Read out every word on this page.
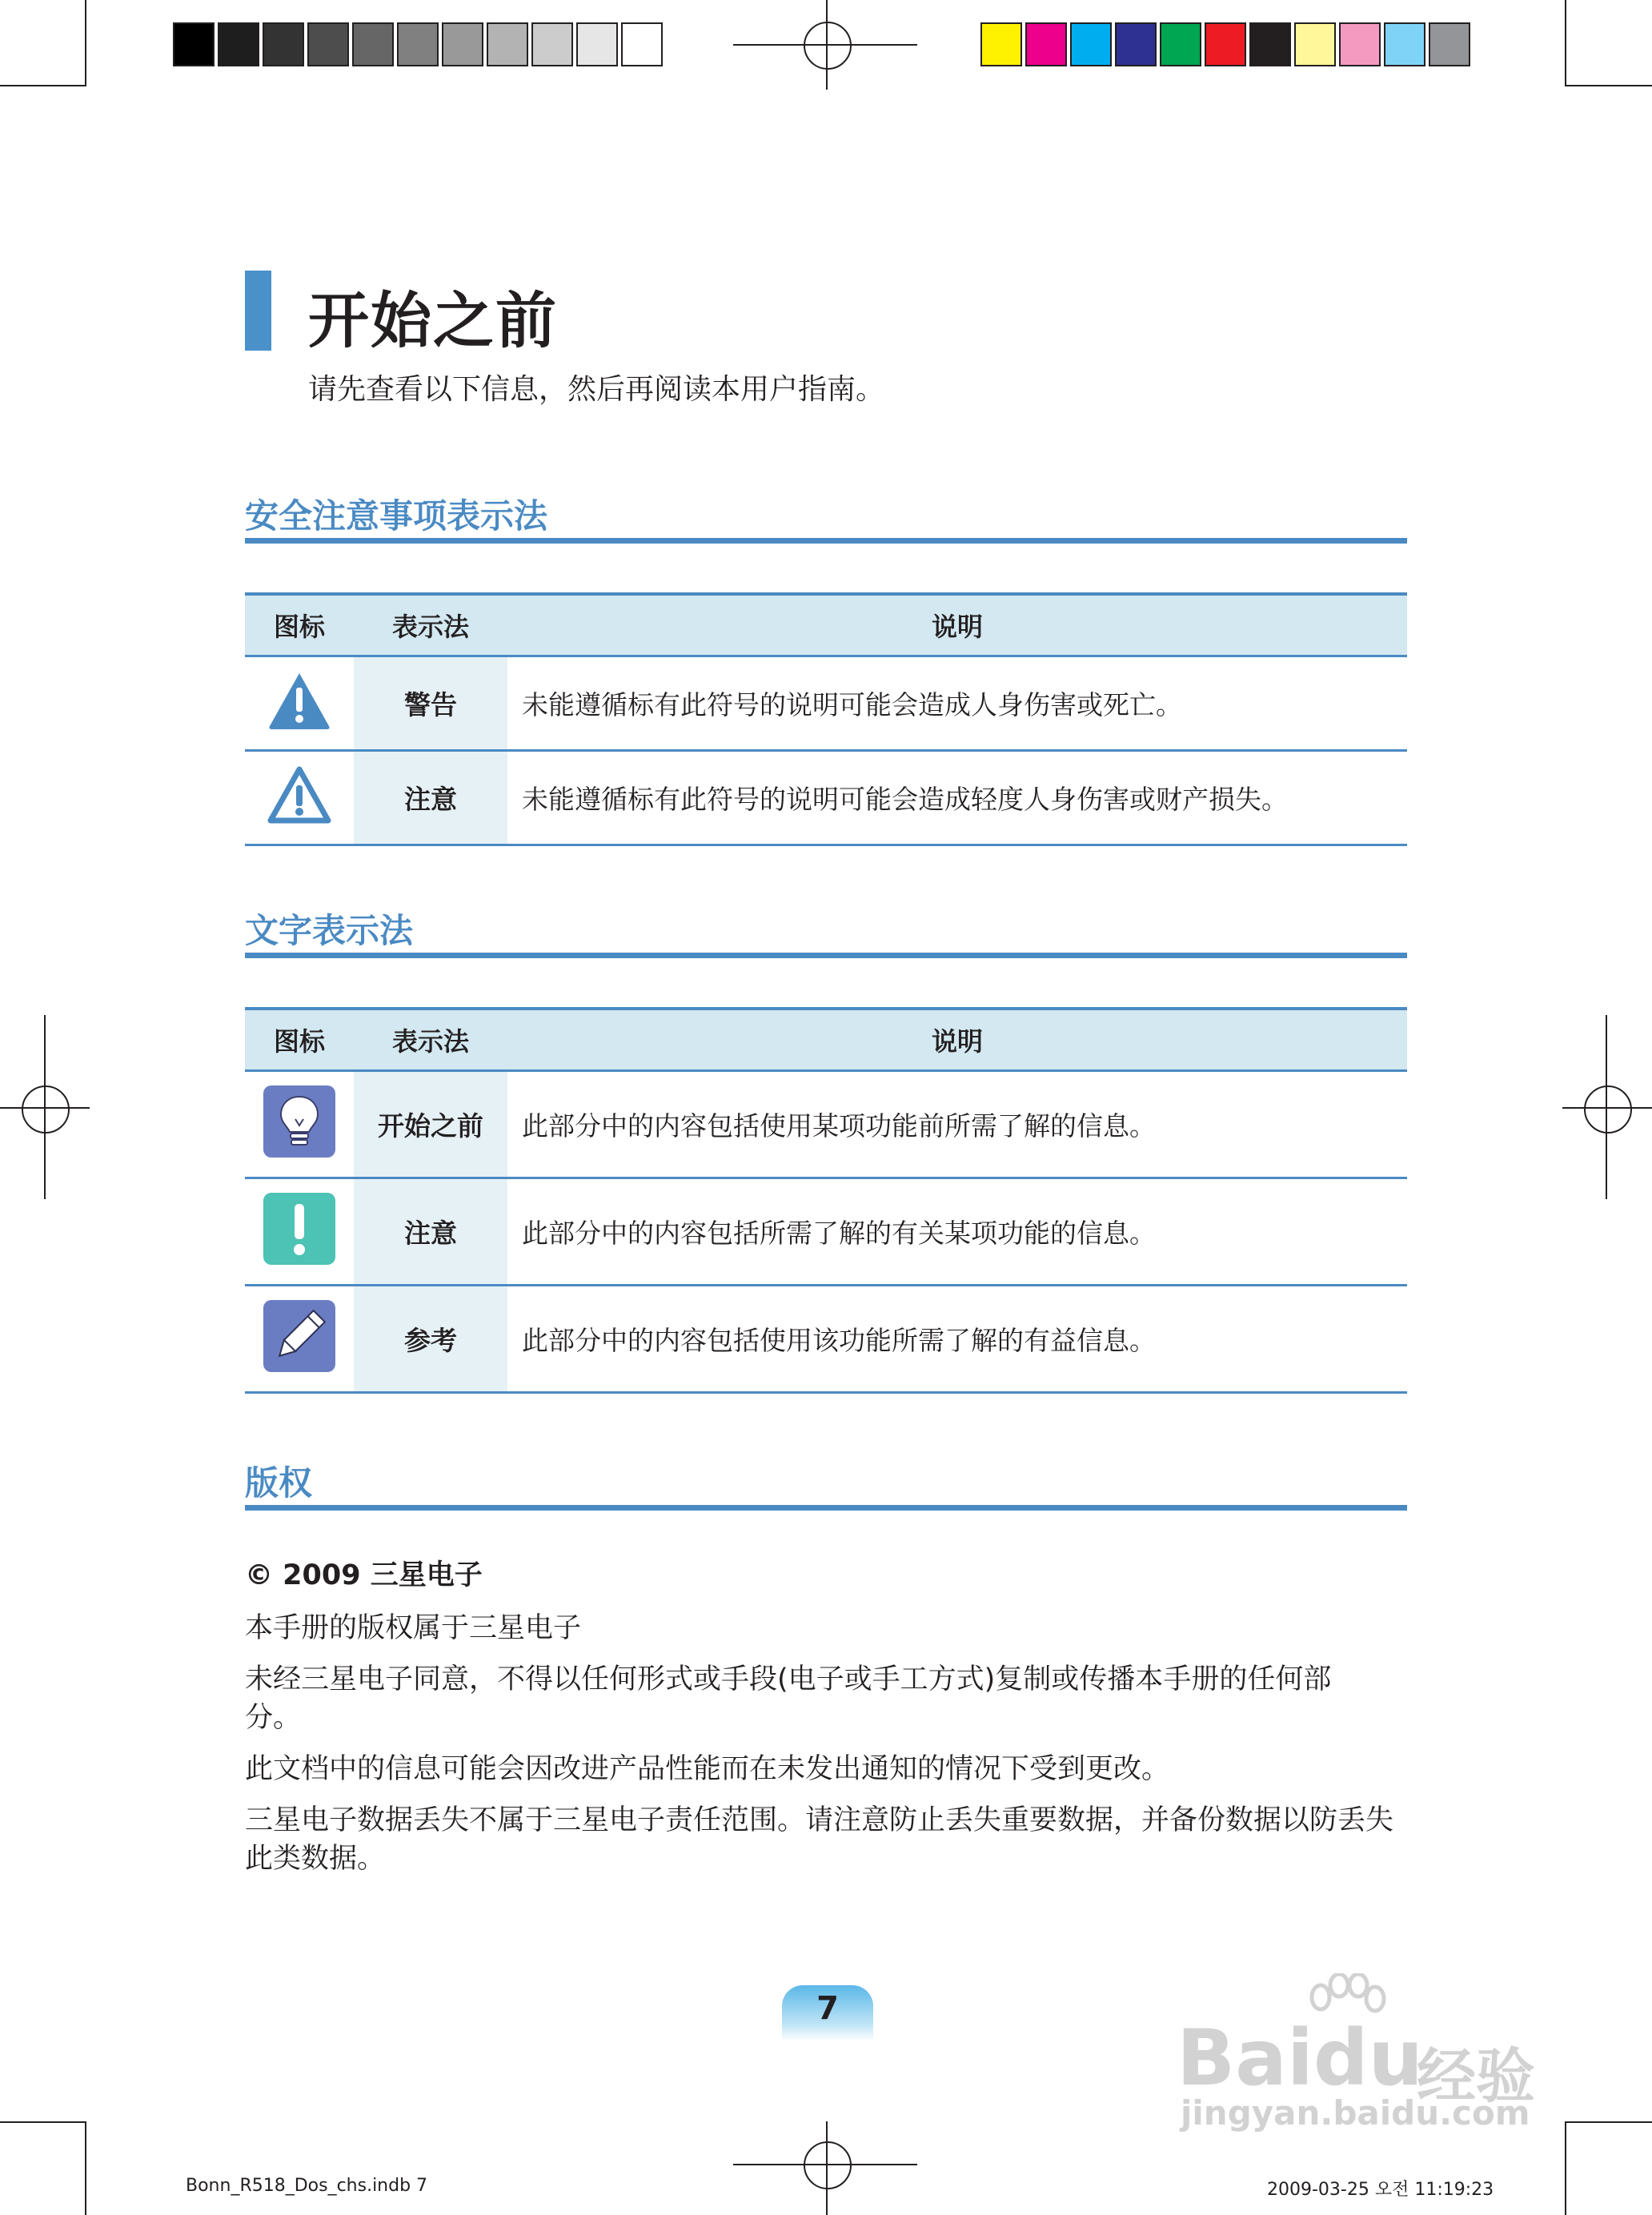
开始之前
请先查看以下信息，然后再阅读本用户指南。
安全注意事项表示法
图标	表示法	说明
	警告	未能遵循标有此符号的说明可能会造成人身伤害或死亡。
	注意	未能遵循标有此符号的说明可能会造成轻度人身伤害或财产损失。
文字表示法
图标	表示法	说明
	开始之前	此部分中的内容包括使用某项功能前所需了解的信息。
	注意	此部分中的内容包括所需了解的有关某项功能的信息。
	参考	此部分中的内容包括使用该功能所需了解的有益信息。
版权
© 2009 三星电子
本手册的版权属于三星电子
未经三星电子同意，不得以任何形式或手段(电子或手工方式)复制或传播本手册的任何部分。
此文档中的信息可能会因改进产品性能而在未发出通知的情况下受到更改。
三星电子数据丢失不属于三星电子责任范围。请注意防止丢失重要数据，并备份数据以防丢失此类数据。
7
Baidu
经验
jingyan.baidu.com
Bonn_R518_Dos_chs.indb 7	2009-03-25 오전 11:19:23
